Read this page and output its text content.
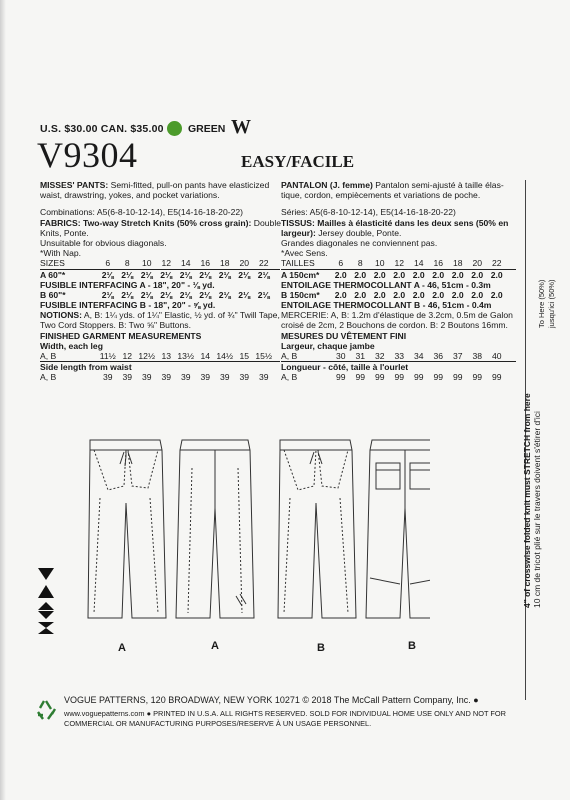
U.S. $30.00 CAN. $35.00 GREEN W
V9304	EASY/FACILE
MISSES' PANTS: Semi-fitted, pull-on pants have elasticized
waist, drawstring, yokes, and pocket variations.
Combinations: A5(6-8-10-12-14), E5(14-16-18-20-22)
FABRICS: Two-way Stretch Knits (50% cross grain): Double
Knits, Ponte.
Unsuitable for obvious diagonals.
*With Nap.
SIZES	6	8	10	12	14	16	18	20	22
A 60"*	2⅛ 2⅛ 2⅛ 2⅛ 2⅛ 2⅛ 2⅛ 2⅛ 2⅛
FUSIBLE INTERFACING A - 18", 20" - ⅛ yd.
B 60"*	2⅛ 2⅛ 2⅛ 2⅛ 2⅛ 2⅛ 2⅛ 2⅛ 2⅛
FUSIBLE INTERFACING B - 18", 20" - ⅝ yd.
NOTIONS: A, B: 1¼ yds. of 1¼" Elastic, ½ yd. of ¾" Twill Tape,
Two Cord Stoppers. B: Two ⅝" Buttons.
FINISHED GARMENT MEASUREMENTS
Width, each leg
A, B	11½ 12 12½ 13 13½ 14 14½ 15 15½
Side length from waist
A, B	39	39	39	39	39	39	39	39	39
PANTALON (J. femme) Pantalon semi-ajusté à taille élas-
tique, cordon, empiècements et variations de poche.
Séries: A5(6-8-10-12-14), E5(14-16-18-20-22)
TISSUS: Mailles à élasticité dans les deux sens (50% en
largeur): Jersey double, Ponte.
Grandes diagonales ne conviennent pas.
*Avec Sens.
TAILLES	6	8	10	12	14	16	18	20	22
A 150cm*	2.0 2.0 2.0 2.0 2.0 2.0 2.0 2.0 2.0
ENTOILAGE THERMOCOLLANT A - 46, 51cm - 0.3m
B 150cm*	2.0 2.0 2.0 2.0 2.0 2.0 2.0 2.0 2.0
ENTOILAGE THERMOCOLLANT B - 46, 51cm - 0.4m
MERCERIE: A, B: 1.2m d'élastique de 3.2cm, 0.5m de Galon
croisé de 2cm, 2 Bouchons de cordon. B: 2 Boutons 16mm.
MESURES DU VÊTEMENT FINI
Largeur, chaque jambe
A, B	30	31	32	33	34	36	37	38	40
Longueur - côté, taille à l'ourlet
A, B	99	99	99	99	99	99	99	99	99
4" of crosswise folded knit must STRETCH from here 10 cm de tricot plié sur le travers doivent s'étirer d'ici
To Here (50%) jusqu'ici (50%)
A	A	B	B
VOGUE PATTERNS, 120 BROADWAY, NEW YORK 10271 © 2018 The McCall Pattern Company, Inc. ●
www.voguepatterns.com ● PRINTED IN U.S.A. ALL RIGHTS RESERVED. SOLD FOR INDIVIDUAL HOME USE ONLY AND NOT FOR
COMMERCIAL OR MANUFACTURING PURPOSES/RESERVE À UN USAGE PERSONNEL.
